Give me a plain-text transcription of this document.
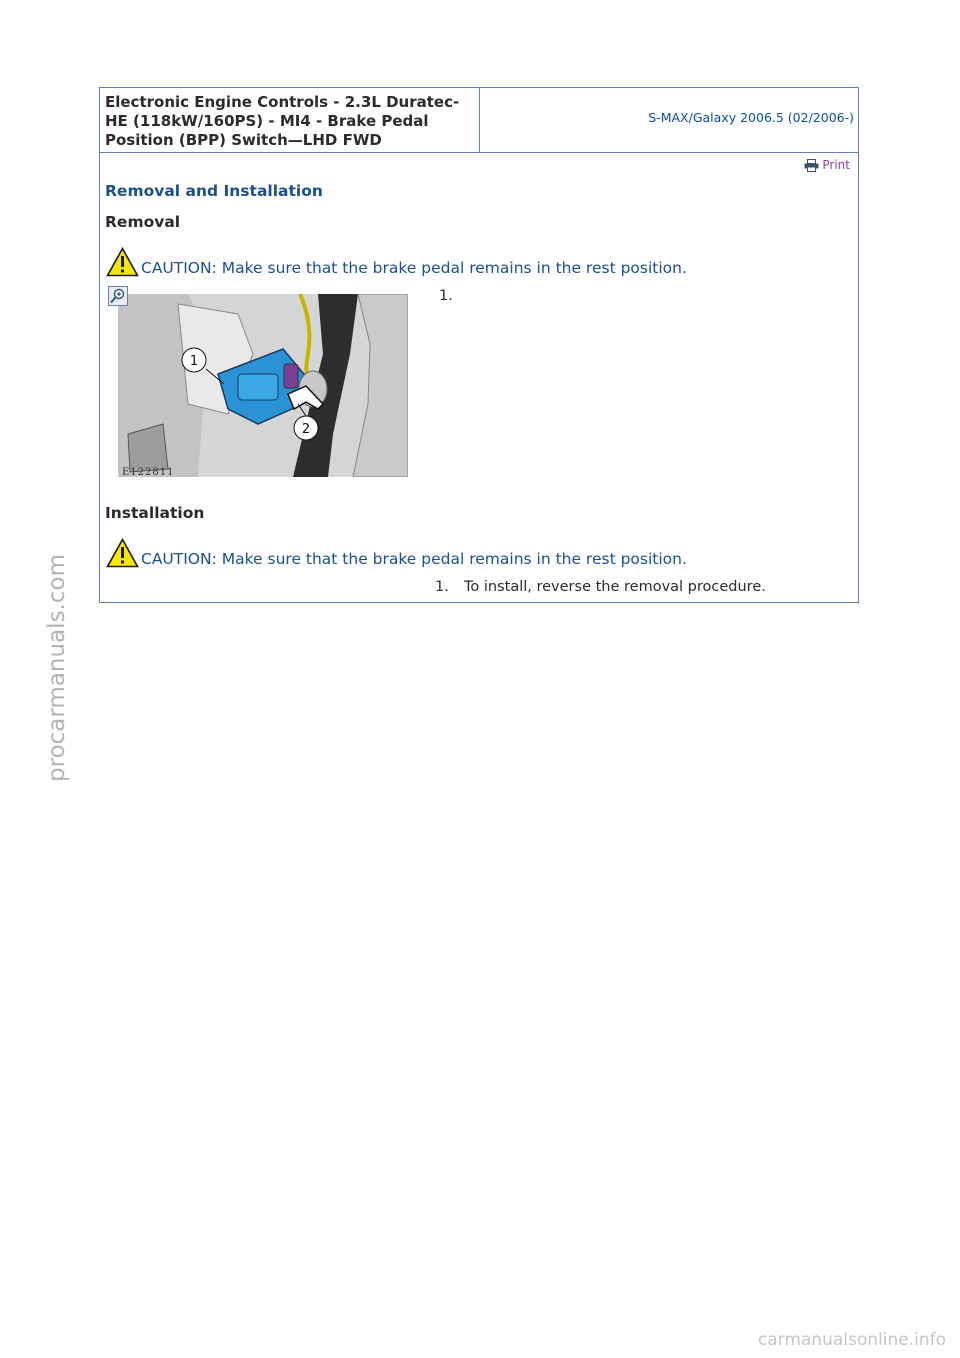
Electronic Engine Controls - 2.3L Duratec-
HE (118kW/160PS) - MI4 - Brake Pedal
Position (BPP) Switch—LHD FWD
S-MAX/Galaxy 2006.5 (02/2006-)
Print
Removal and Installation
Removal
CAUTION: Make sure that the brake pedal remains in the rest position.
1
2
E122811
1.
Installation
CAUTION: Make sure that the brake pedal remains in the rest position.
1. To install, reverse the removal procedure.
procarmanuals.com
carmanualsonline.info
